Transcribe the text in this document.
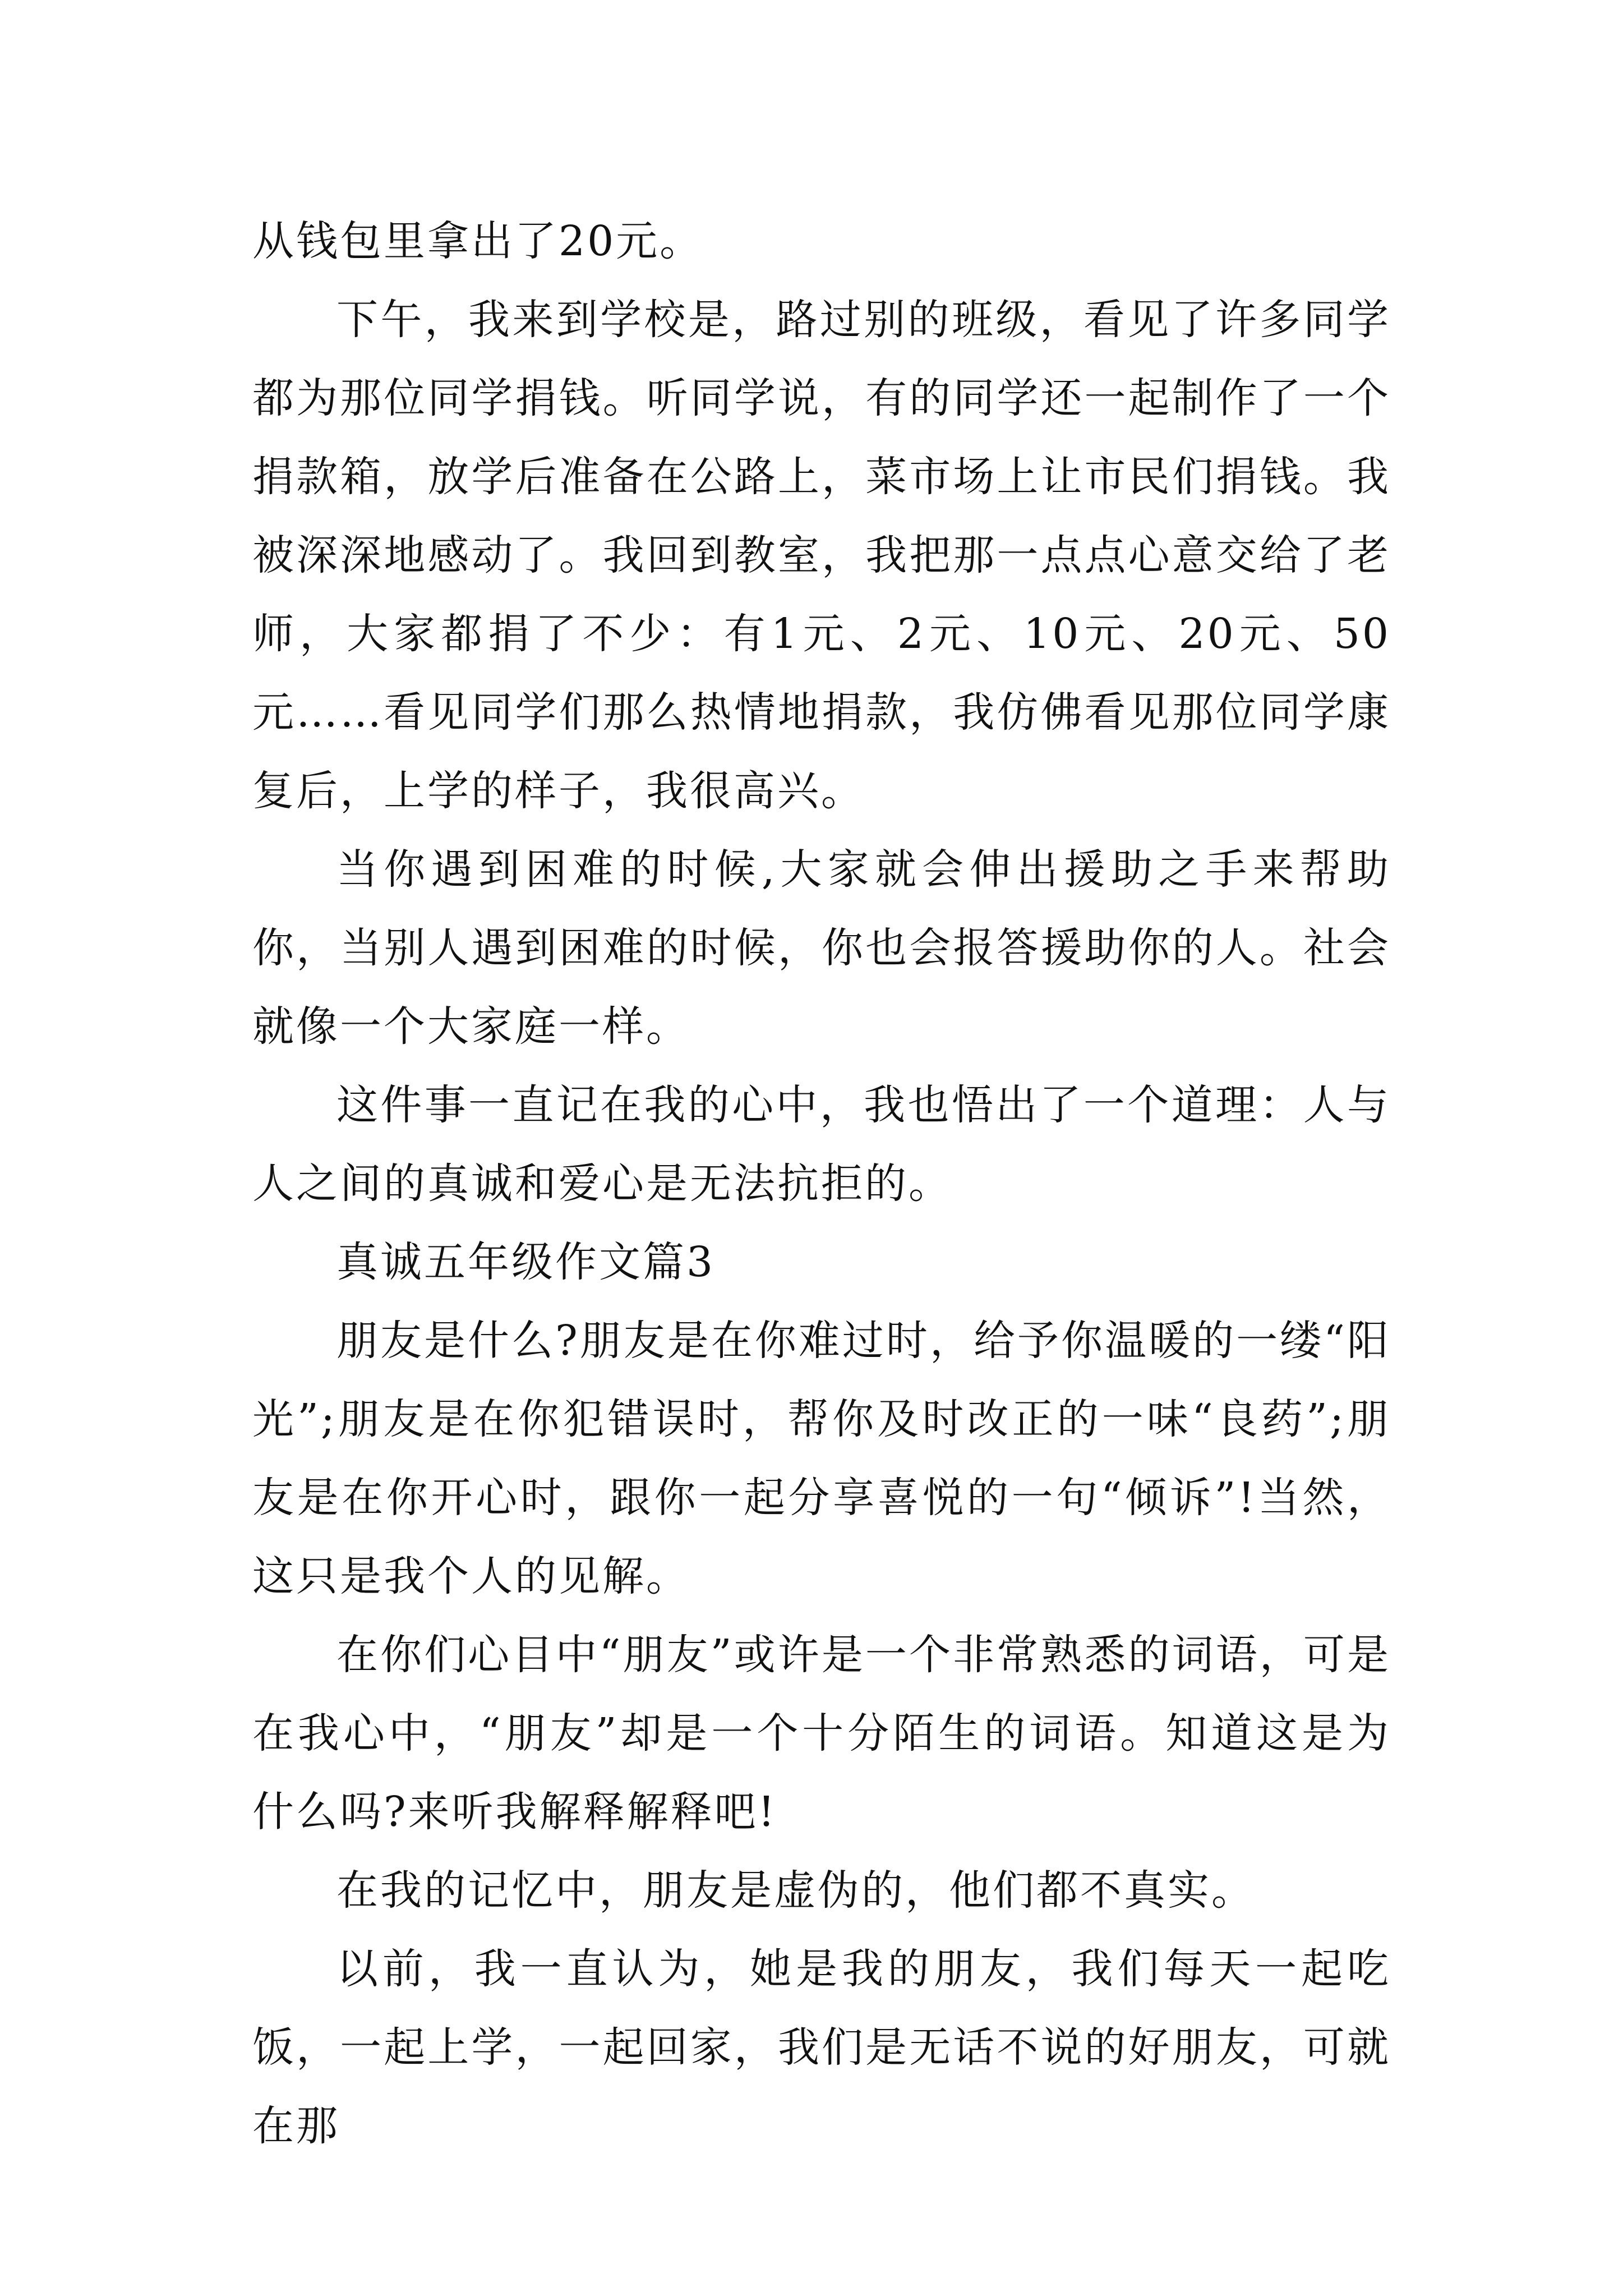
从钱包里拿出了20元。

下午，我来到学校是，路过别的班级，看见了许多同学都为那位同学捐钱。听同学说，有的同学还一起制作了一个捐款箱，放学后准备在公路上，菜市场上让市民们捐钱。我被深深地感动了。我回到教室，我把那一点点心意交给了老师，大家都捐了不少：有1元、2元、10元、20元、50元……看见同学们那么热情地捐款，我仿佛看见那位同学康复后，上学的样子，我很高兴。

当你遇到困难的时候,大家就会伸出援助之手来帮助你，当别人遇到困难的时候，你也会报答援助你的人。社会就像一个大家庭一样。

这件事一直记在我的心中，我也悟出了一个道理：人与人之间的真诚和爱心是无法抗拒的。

真诚五年级作文篇3

朋友是什么?朋友是在你难过时，给予你温暖的一缕“阳光”;朋友是在你犯错误时，帮你及时改正的一味“良药”;朋友是在你开心时，跟你一起分享喜悦的一句“倾诉”!当然，这只是我个人的见解。

在你们心目中“朋友”或许是一个非常熟悉的词语，可是在我心中，“朋友”却是一个十分陌生的词语。知道这是为什么吗?来听我解释解释吧!

在我的记忆中，朋友是虚伪的，他们都不真实。

以前，我一直认为，她是我的朋友，我们每天一起吃饭，一起上学，一起回家，我们是无话不说的好朋友，可就在那
